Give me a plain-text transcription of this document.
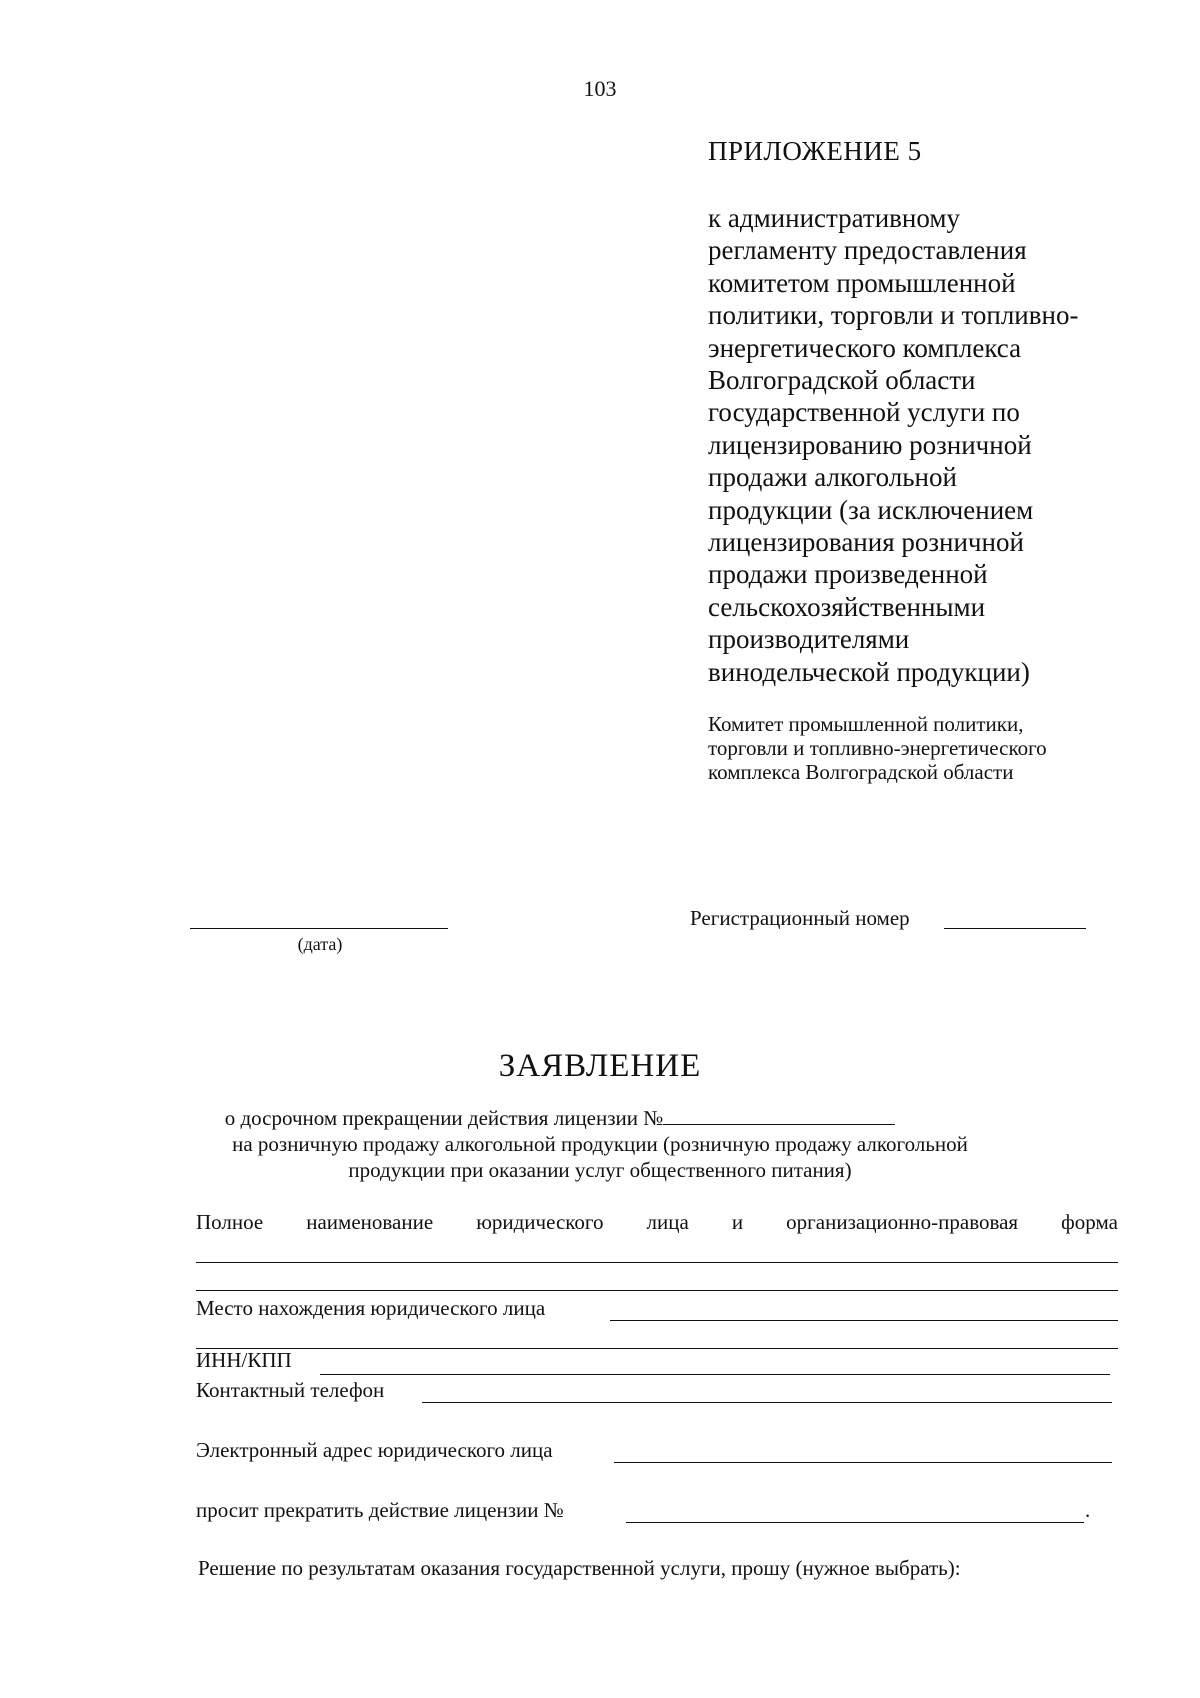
103
ПРИЛОЖЕНИЕ 5
к административному
регламенту предоставления
комитетом промышленной
политики, торговли и топливно-
энергетического комплекса
Волгоградской области
государственной услуги по
лицензированию розничной
продажи алкогольной
продукции (за исключением
лицензирования розничной
продажи произведенной
сельскохозяйственными
производителями
винодельческой продукции)
Комитет промышленной политики,
торговли и топливно-энергетического
комплекса Волгоградской области
(дата)
Регистрационный номер
ЗАЯВЛЕНИЕ
о досрочном прекращении действия лицензии №
на розничную продажу алкогольной продукции (розничную продажу алкогольной
продукции при оказании услуг общественного питания)
Полное наименование юридического лица и организационно-правовая форма
Место нахождения юридического лица
ИНН/КПП
Контактный телефон
Электронный адрес юридического лица
просит прекратить действие лицензии №	.
Решение по результатам оказания государственной услуги, прошу (нужное выбрать):
